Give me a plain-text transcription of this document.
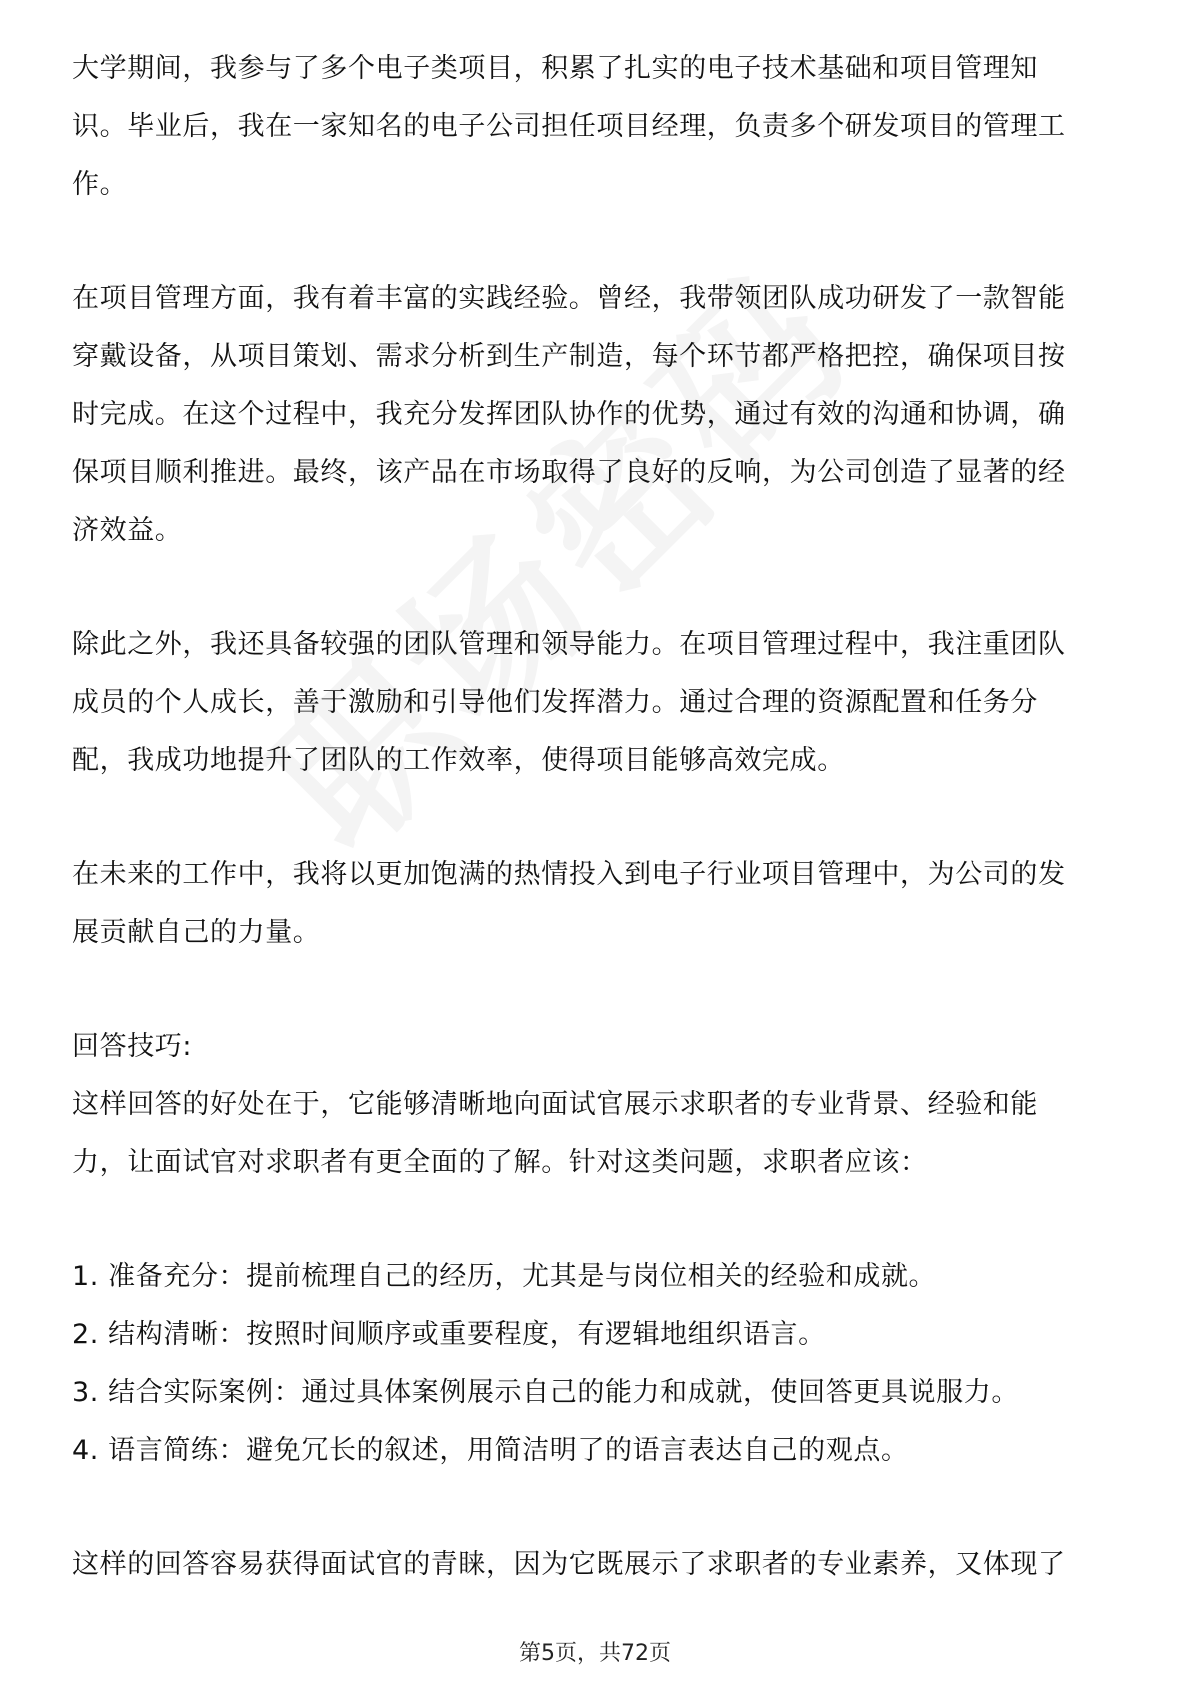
大学期间，我参与了多个电子类项目，积累了扎实的电子技术基础和项目管理知
识。毕业后，我在一家知名的电子公司担任项目经理，负责多个研发项目的管理工
作。

在项目管理方面，我有着丰富的实践经验。曾经，我带领团队成功研发了一款智能
穿戴设备，从项目策划、需求分析到生产制造，每个环节都严格把控，确保项目按
时完成。在这个过程中，我充分发挥团队协作的优势，通过有效的沟通和协调，确
保项目顺利推进。最终，该产品在市场取得了良好的反响，为公司创造了显著的经
济效益。

除此之外，我还具备较强的团队管理和领导能力。在项目管理过程中，我注重团队
成员的个人成长，善于激励和引导他们发挥潜力。通过合理的资源配置和任务分
配，我成功地提升了团队的工作效率，使得项目能够高效完成。

在未来的工作中，我将以更加饱满的热情投入到电子行业项目管理中，为公司的发
展贡献自己的力量。

回答技巧:

这样回答的好处在于，它能够清晰地向面试官展示求职者的专业背景、经验和能
力，让面试官对求职者有更全面的了解。针对这类问题，求职者应该：

1. 准备充分：提前梳理自己的经历，尤其是与岗位相关的经验和成就。

2. 结构清晰：按照时间顺序或重要程度，有逻辑地组织语言。

3. 结合实际案例：通过具体案例展示自己的能力和成就，使回答更具说服力。

4. 语言简练：避免冗长的叙述，用简洁明了的语言表达自己的观点。

这样的回答容易获得面试官的青睐，因为它既展示了求职者的专业素养，又体现了

第5页，共72页
